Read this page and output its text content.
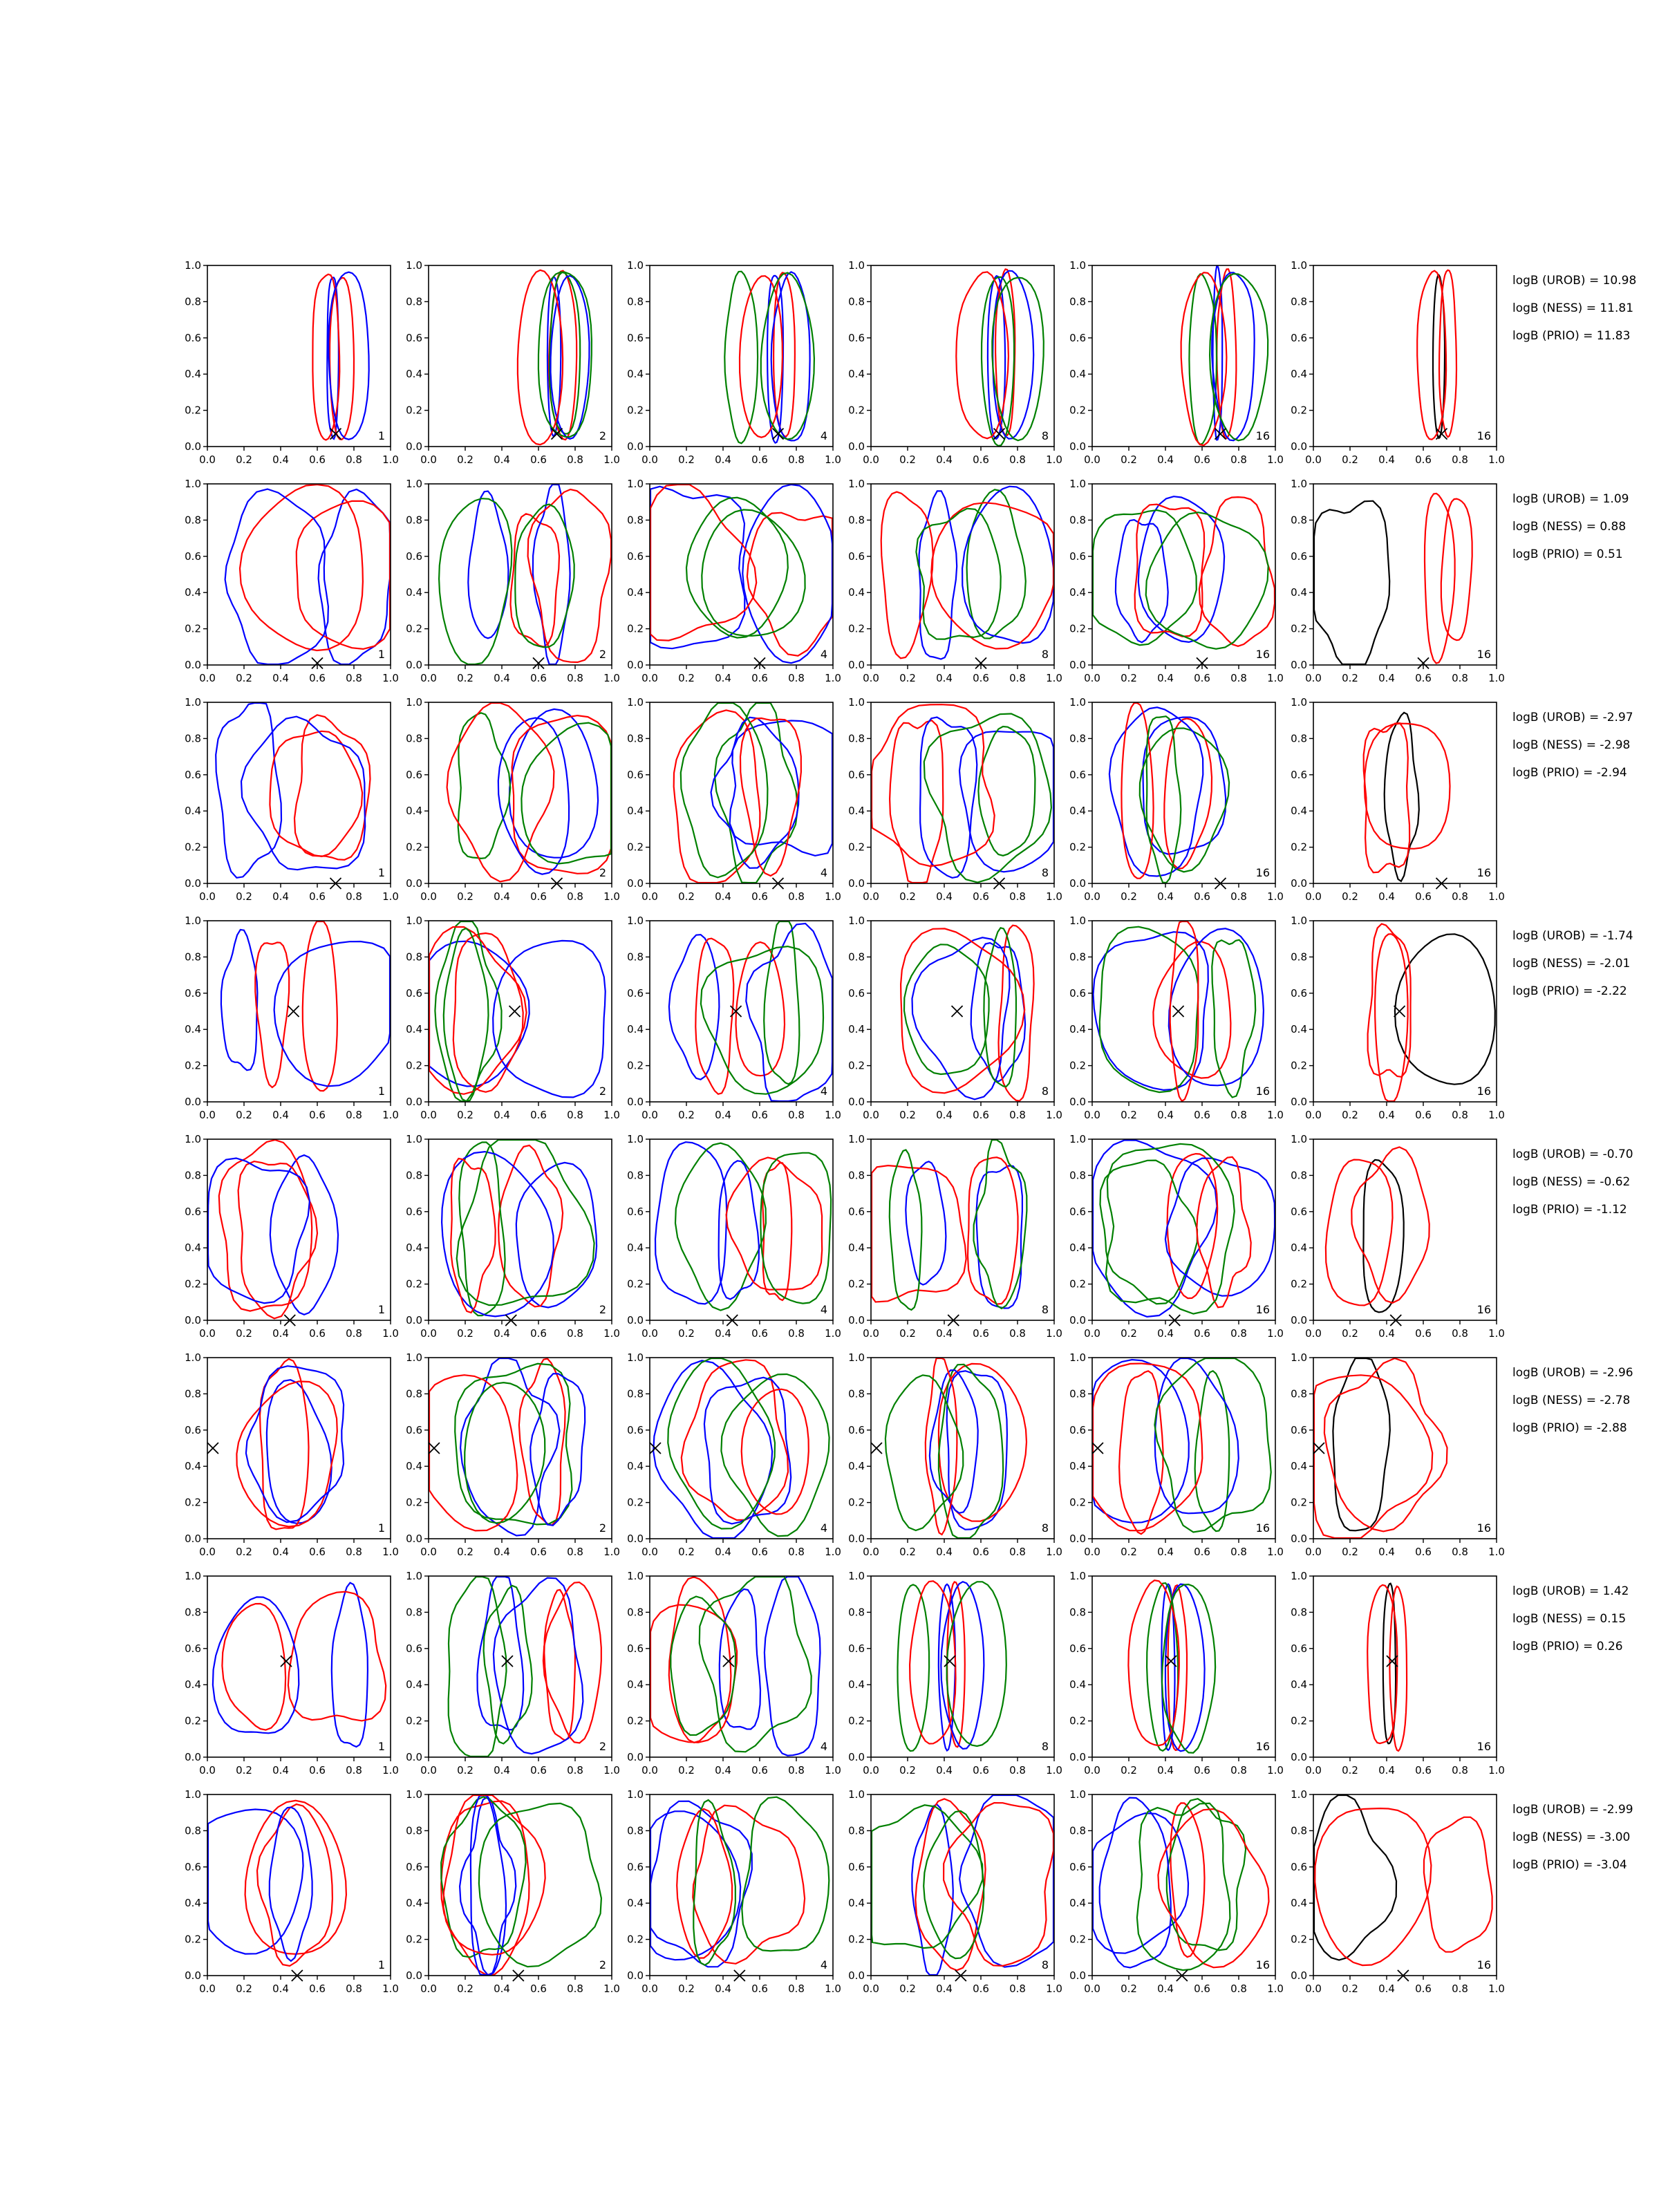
0.0
0.0
0.2
0.2
0.4
0.4
0.6
0.6
0.8
0.8
1.0
1.0
1
0.0
0.0
0.2
0.2
0.4
0.4
0.6
0.6
0.8
0.8
1.0
1.0
2
0.0
0.0
0.2
0.2
0.4
0.4
0.6
0.6
0.8
0.8
1.0
1.0
4
0.0
0.0
0.2
0.2
0.4
0.4
0.6
0.6
0.8
0.8
1.0
1.0
8
0.0
0.0
0.2
0.2
0.4
0.4
0.6
0.6
0.8
0.8
1.0
1.0
16
0.0
0.0
0.2
0.2
0.4
0.4
0.6
0.6
0.8
0.8
1.0
1.0
16
0.0
0.0
0.2
0.2
0.4
0.4
0.6
0.6
0.8
0.8
1.0
1.0
1
0.0
0.0
0.2
0.2
0.4
0.4
0.6
0.6
0.8
0.8
1.0
1.0
2
0.0
0.0
0.2
0.2
0.4
0.4
0.6
0.6
0.8
0.8
1.0
1.0
4
0.0
0.0
0.2
0.2
0.4
0.4
0.6
0.6
0.8
0.8
1.0
1.0
8
0.0
0.0
0.2
0.2
0.4
0.4
0.6
0.6
0.8
0.8
1.0
1.0
16
0.0
0.0
0.2
0.2
0.4
0.4
0.6
0.6
0.8
0.8
1.0
1.0
16
0.0
0.0
0.2
0.2
0.4
0.4
0.6
0.6
0.8
0.8
1.0
1.0
1
0.0
0.0
0.2
0.2
0.4
0.4
0.6
0.6
0.8
0.8
1.0
1.0
2
0.0
0.0
0.2
0.2
0.4
0.4
0.6
0.6
0.8
0.8
1.0
1.0
4
0.0
0.0
0.2
0.2
0.4
0.4
0.6
0.6
0.8
0.8
1.0
1.0
8
0.0
0.0
0.2
0.2
0.4
0.4
0.6
0.6
0.8
0.8
1.0
1.0
16
0.0
0.0
0.2
0.2
0.4
0.4
0.6
0.6
0.8
0.8
1.0
1.0
16
0.0
0.0
0.2
0.2
0.4
0.4
0.6
0.6
0.8
0.8
1.0
1.0
1
0.0
0.0
0.2
0.2
0.4
0.4
0.6
0.6
0.8
0.8
1.0
1.0
2
0.0
0.0
0.2
0.2
0.4
0.4
0.6
0.6
0.8
0.8
1.0
1.0
4
0.0
0.0
0.2
0.2
0.4
0.4
0.6
0.6
0.8
0.8
1.0
1.0
8
0.0
0.0
0.2
0.2
0.4
0.4
0.6
0.6
0.8
0.8
1.0
1.0
16
0.0
0.0
0.2
0.2
0.4
0.4
0.6
0.6
0.8
0.8
1.0
1.0
16
0.0
0.0
0.2
0.2
0.4
0.4
0.6
0.6
0.8
0.8
1.0
1.0
1
0.0
0.0
0.2
0.2
0.4
0.4
0.6
0.6
0.8
0.8
1.0
1.0
2
0.0
0.0
0.2
0.2
0.4
0.4
0.6
0.6
0.8
0.8
1.0
1.0
4
0.0
0.0
0.2
0.2
0.4
0.4
0.6
0.6
0.8
0.8
1.0
1.0
8
0.0
0.0
0.2
0.2
0.4
0.4
0.6
0.6
0.8
0.8
1.0
1.0
16
0.0
0.0
0.2
0.2
0.4
0.4
0.6
0.6
0.8
0.8
1.0
1.0
16
0.0
0.0
0.2
0.2
0.4
0.4
0.6
0.6
0.8
0.8
1.0
1.0
1
0.0
0.0
0.2
0.2
0.4
0.4
0.6
0.6
0.8
0.8
1.0
1.0
2
0.0
0.0
0.2
0.2
0.4
0.4
0.6
0.6
0.8
0.8
1.0
1.0
4
0.0
0.0
0.2
0.2
0.4
0.4
0.6
0.6
0.8
0.8
1.0
1.0
8
0.0
0.0
0.2
0.2
0.4
0.4
0.6
0.6
0.8
0.8
1.0
1.0
16
0.0
0.0
0.2
0.2
0.4
0.4
0.6
0.6
0.8
0.8
1.0
1.0
16
0.0
0.0
0.2
0.2
0.4
0.4
0.6
0.6
0.8
0.8
1.0
1.0
1
0.0
0.0
0.2
0.2
0.4
0.4
0.6
0.6
0.8
0.8
1.0
1.0
2
0.0
0.0
0.2
0.2
0.4
0.4
0.6
0.6
0.8
0.8
1.0
1.0
4
0.0
0.0
0.2
0.2
0.4
0.4
0.6
0.6
0.8
0.8
1.0
1.0
8
0.0
0.0
0.2
0.2
0.4
0.4
0.6
0.6
0.8
0.8
1.0
1.0
16
0.0
0.0
0.2
0.2
0.4
0.4
0.6
0.6
0.8
0.8
1.0
1.0
16
0.0
0.0
0.2
0.2
0.4
0.4
0.6
0.6
0.8
0.8
1.0
1.0
1
0.0
0.0
0.2
0.2
0.4
0.4
0.6
0.6
0.8
0.8
1.0
1.0
2
0.0
0.0
0.2
0.2
0.4
0.4
0.6
0.6
0.8
0.8
1.0
1.0
4
0.0
0.0
0.2
0.2
0.4
0.4
0.6
0.6
0.8
0.8
1.0
1.0
8
0.0
0.0
0.2
0.2
0.4
0.4
0.6
0.6
0.8
0.8
1.0
1.0
16
0.0
0.0
0.2
0.2
0.4
0.4
0.6
0.6
0.8
0.8
1.0
1.0
16
logB (UROB) = 10.98
logB (NESS) = 11.81
logB (PRIO) = 11.83
logB (UROB) = 1.09
logB (NESS) = 0.88
logB (PRIO) = 0.51
logB (UROB) = -2.97
logB (NESS) = -2.98
logB (PRIO) = -2.94
logB (UROB) = -1.74
logB (NESS) = -2.01
logB (PRIO) = -2.22
logB (UROB) = -0.70
logB (NESS) = -0.62
logB (PRIO) = -1.12
logB (UROB) = -2.96
logB (NESS) = -2.78
logB (PRIO) = -2.88
logB (UROB) = 1.42
logB (NESS) = 0.15
logB (PRIO) = 0.26
logB (UROB) = -2.99
logB (NESS) = -3.00
logB (PRIO) = -3.04
